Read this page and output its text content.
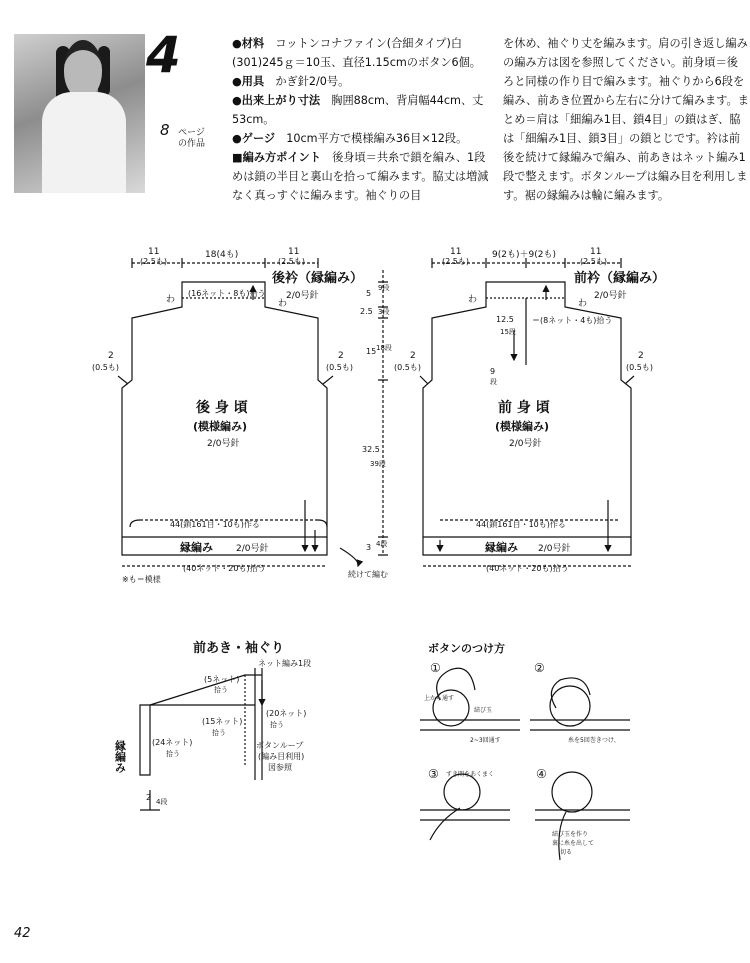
4
8 ページの作品

●材料　コットンコナファイン(合細タイプ)白(301)245ｇ＝10玉、直径1.15cmのボタン6個。

●用具　かぎ針2/0号。

●出来上がり寸法　胸囲88cm、背肩幅44cm、丈53cm。

●ゲージ　10cm平方で模様編み36目×12段。

■編み方ポイント　後身頃＝共糸で鎖を編み、1段めは鎖の半目と裏山を拾って編みます。脇丈は増減なく真っすぐに編みます。袖ぐりの目

を休め、袖ぐり丈を編みます。肩の引き返し編みの編み方は図を参照してください。前身頃＝後ろと同様の作り目で編みます。袖ぐりから6段を編み、前あき位置から左右に分けて編みます。まとめ＝肩は「細編み1目、鎖4目」の鎖はぎ、脇は「細編み1目、鎖3目」の鎖とじです。衿は前後を続けて縁編みで編み、前あきはネット編み1段で整えます。ボタンループは編み目を利用します。裾の縁編みは輪に編みます。

11
(2.5も)
18(4も)	11
(2.5も)
後衿（縁編み）
2/0号針
(16ネット・8も)拾う
わ	わ
2
(0.5も)
2
(0.5も)
後 身 頃
(模様編み)
2/0号針
44(鎖161目・10も)作る
縁編み	2/0号針
(40ネット・20も)拾う
※も＝模様
5
9段
2.5 3段
15 18段
32.5
39段
3 4段
続けて編む
11
(2.5も)
9(2も)＋9(2も)	11
(2.5も)
前衿（縁編み）
2/0号針
わ	わ
12.5
15段
＝(8ネット・4も)拾う
9
段
2
(0.5も)
2
(0.5も)
前 身 頃
(模様編み)
2/0号針
44(鎖161目・10も)作る
縁編み 2/0号針
(40ネット・20も)拾う
前あき・袖ぐり
ネット編み1段
(5ネット)
拾う
(15ネット)
拾う
(20ネット)
拾う
(24ネット)
拾う
縁編み	ボタンループ
(編み目利用)
図参照
2 4段
ボタンのつけ方
①	②
③	④
上から通す
結び玉
2~3回通す	糸を5回巻きつけ、
すき間をあくまく
結び玉を作り
裏に糸を出して
切る
42
